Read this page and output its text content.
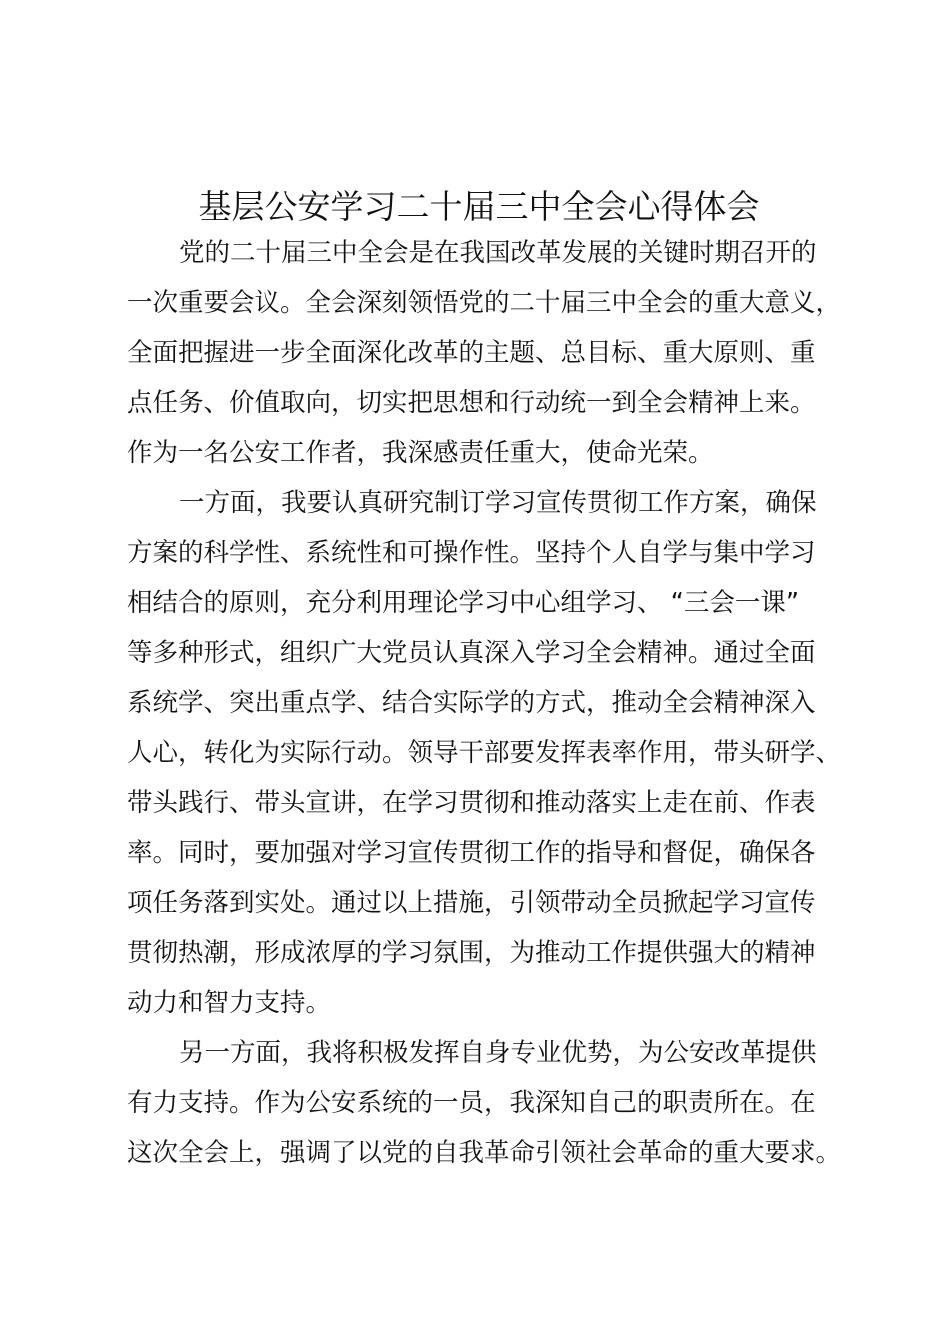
基层公安学习二十届三中全会心得体会
党的二十届三中全会是在我国改革发展的关键时期召开的
一次重要会议。全会深刻领悟党的二十届三中全会的重大意义，
全面把握进一步全面深化改革的主题、总目标、重大原则、重
点任务、价值取向，切实把思想和行动统一到全会精神上来。
作为一名公安工作者，我深感责任重大，使命光荣。
一方面，我要认真研究制订学习宣传贯彻工作方案，确保
方案的科学性、系统性和可操作性。坚持个人自学与集中学习
相结合的原则，充分利用理论学习中心组学习、 “三会一课”
等多种形式，组织广大党员认真深入学习全会精神。通过全面
系统学、突出重点学、结合实际学的方式，推动全会精神深入
人心，转化为实际行动。领导干部要发挥表率作用，带头研学、
带头践行、带头宣讲，在学习贯彻和推动落实上走在前、作表
率。同时，要加强对学习宣传贯彻工作的指导和督促，确保各
项任务落到实处。通过以上措施，引领带动全员掀起学习宣传
贯彻热潮，形成浓厚的学习氛围，为推动工作提供强大的精神
动力和智力支持。
另一方面，我将积极发挥自身专业优势，为公安改革提供
有力支持。作为公安系统的一员，我深知自己的职责所在。在
这次全会上，强调了以党的自我革命引领社会革命的重大要求。
